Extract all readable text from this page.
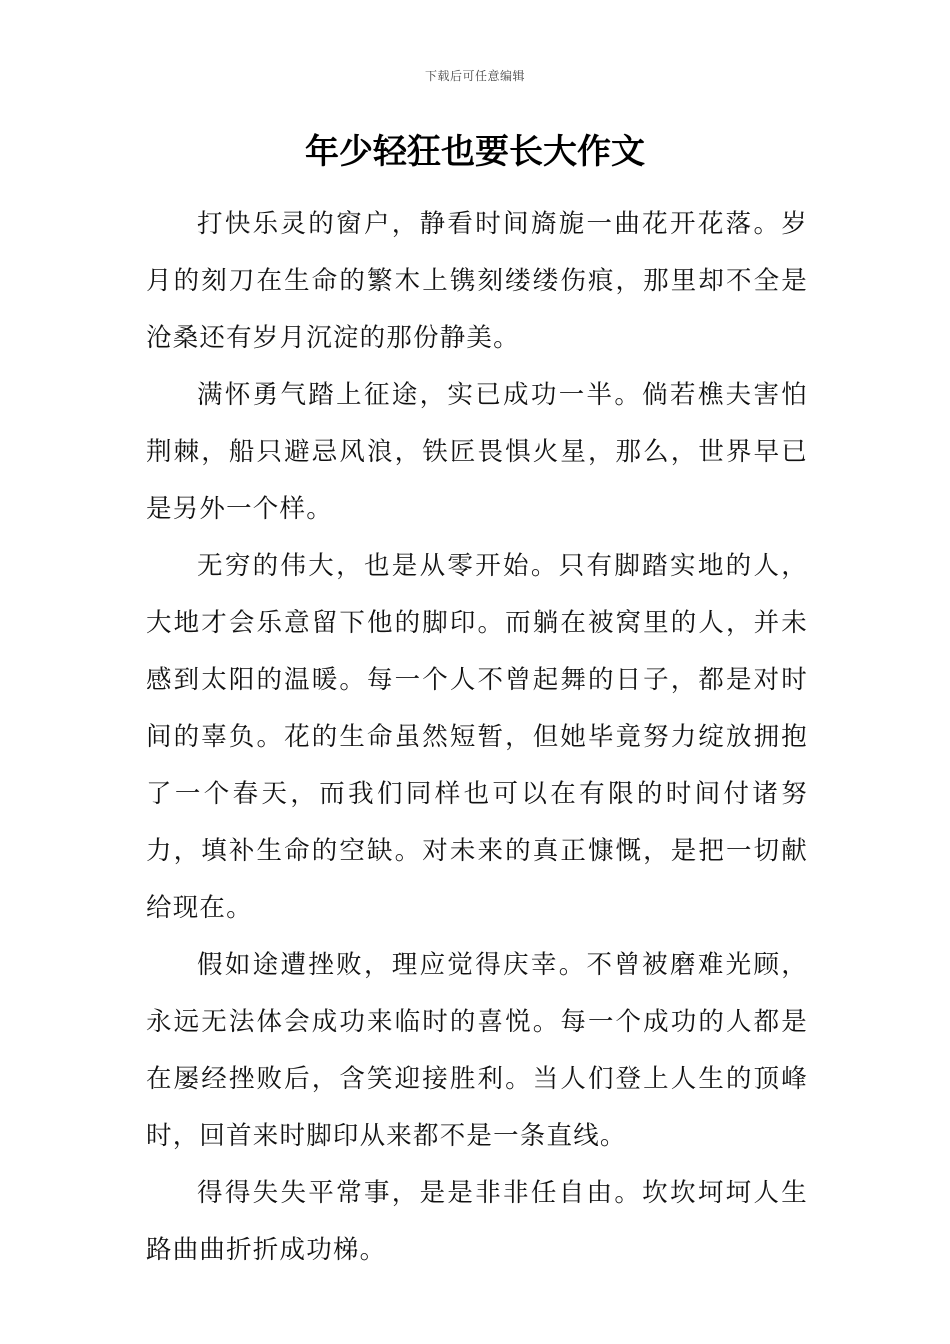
下载后可任意编辑
年少轻狂也要长大作文

打快乐灵的窗户，静看时间旖旎一曲花开花落。岁月的刻刀在生命的繁木上镌刻缕缕伤痕，那里却不全是沧桑还有岁月沉淀的那份静美。

满怀勇气踏上征途，实已成功一半。倘若樵夫害怕荆棘，船只避忌风浪，铁匠畏惧火星，那么，世界早已是另外一个样。

无穷的伟大，也是从零开始。只有脚踏实地的人，大地才会乐意留下他的脚印。而躺在被窝里的人，并未感到太阳的温暖。每一个人不曾起舞的日子，都是对时间的辜负。花的生命虽然短暂，但她毕竟努力绽放拥抱了一个春天，而我们同样也可以在有限的时间付诸努力，填补生命的空缺。对未来的真正慷慨，是把一切献给现在。

假如途遭挫败，理应觉得庆幸。不曾被磨难光顾，永远无法体会成功来临时的喜悦。每一个成功的人都是在屡经挫败后，含笑迎接胜利。当人们登上人生的顶峰时，回首来时脚印从来都不是一条直线。

得得失失平常事，是是非非任自由。坎坎坷坷人生路曲曲折折成功梯。
